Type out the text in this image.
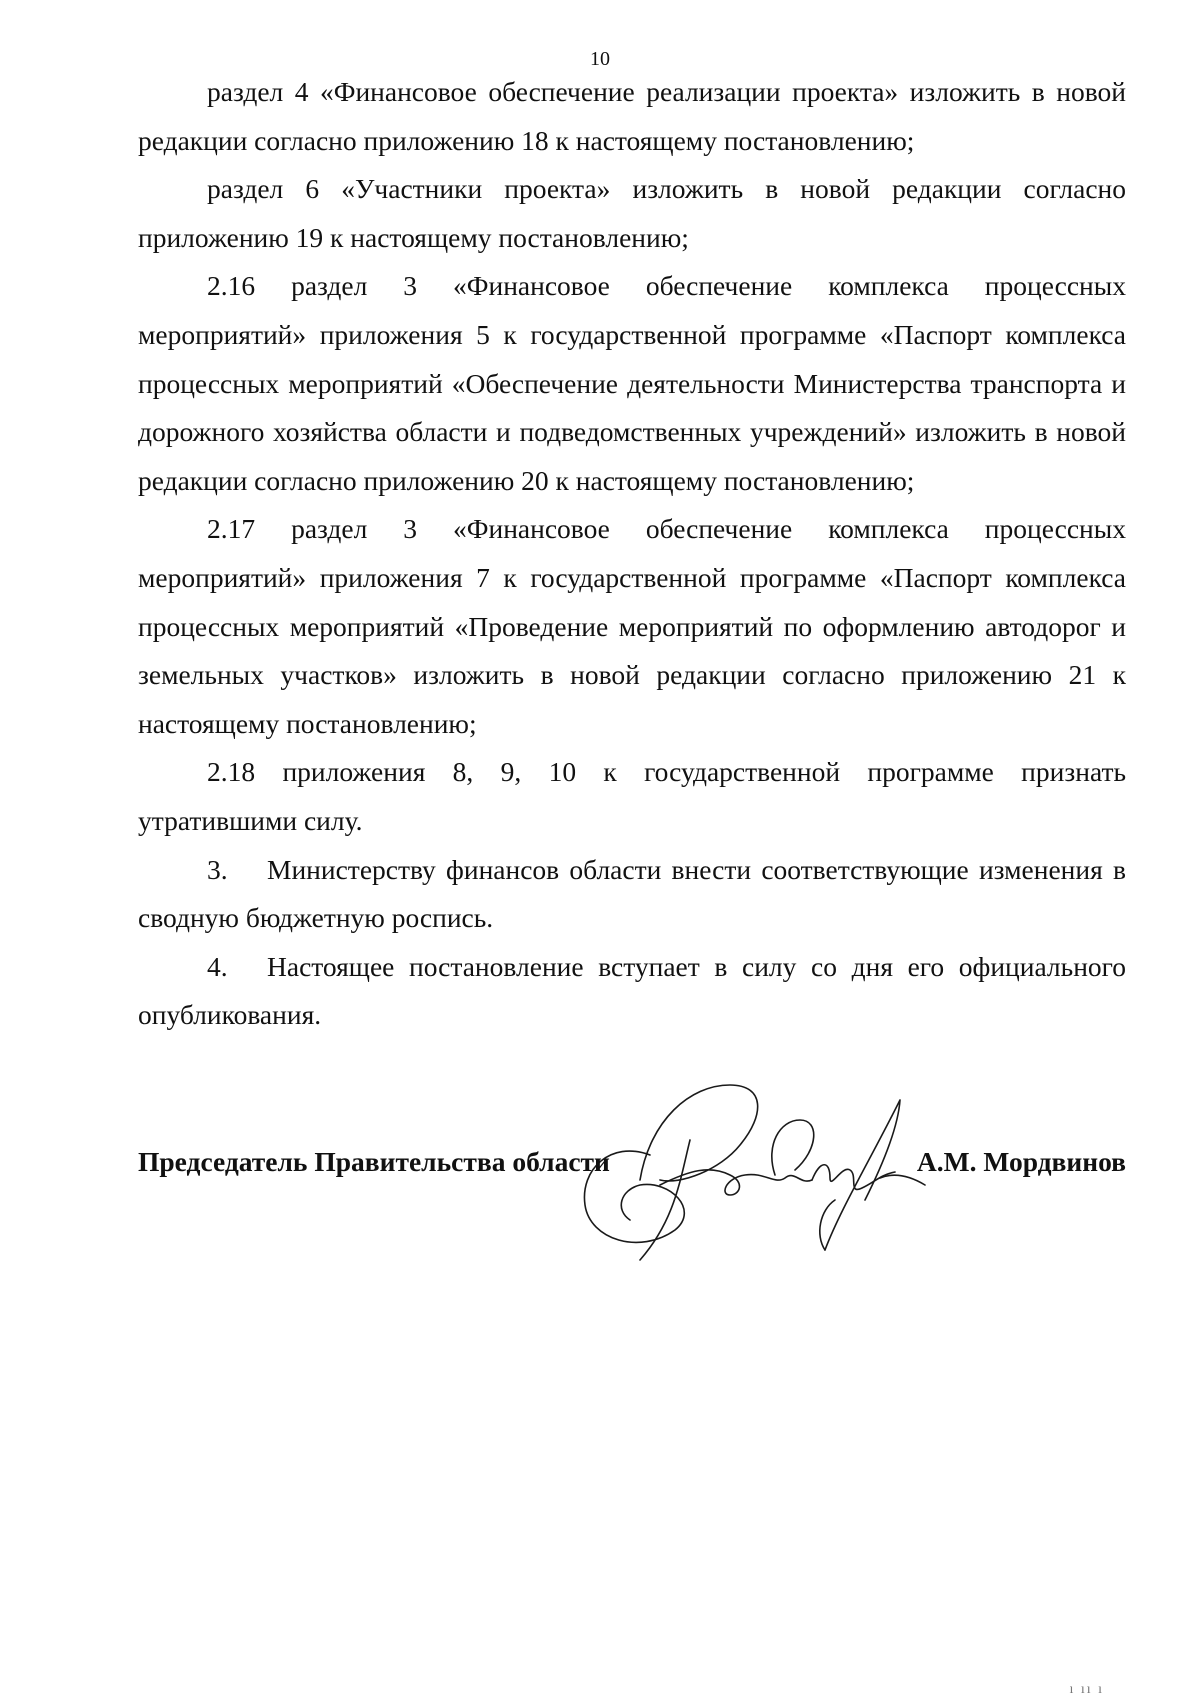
10

раздел 4 «Финансовое обеспечение реализации проекта» изложить в новой редакции согласно приложению 18 к настоящему постановлению;

раздел 6 «Участники проекта» изложить в новой редакции согласно приложению 19 к настоящему постановлению;

2.16 раздел 3 «Финансовое обеспечение комплекса процессных мероприятий» приложения 5 к государственной программе «Паспорт комплекса процессных мероприятий «Обеспечение деятельности Министерства транспорта и дорожного хозяйства области и подведомственных учреждений» изложить в новой редакции согласно приложению 20 к настоящему постановлению;

2.17 раздел 3 «Финансовое обеспечение комплекса процессных мероприятий» приложения 7 к государственной программе «Паспорт комплекса процессных мероприятий «Проведение мероприятий по оформлению автодорог и земельных участков» изложить в новой редакции согласно приложению 21 к настоящему постановлению;

2.18 приложения 8, 9, 10 к государственной программе признать утратившими силу.

3. Министерству финансов области внести соответствующие изменения в сводную бюджетную роспись.

4. Настоящее постановление вступает в силу со дня его официального опубликования.

Председатель Правительства области	А.М. Мордвинов
ı ıı ı
